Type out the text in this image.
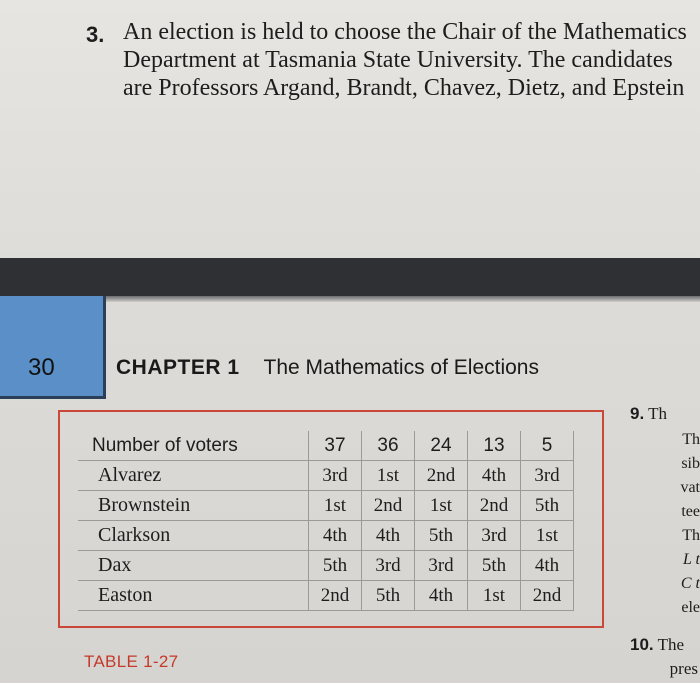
3. An election is held to choose the Chair of the Mathematics
Department at Tasmania State University. The candidates
are Professors Argand, Brandt, Chavez, Dietz, and Epstein
30	CHAPTER 1 The Mathematics of Elections
Number of voters	37	36	24	13	5
Alvarez	3rd	1st	2nd	4th	3rd
Brownstein	1st	2nd	1st	2nd	5th
Clarkson	4th	4th	5th	3rd	1st
Dax	5th	3rd	3rd	5th	4th
Easton	2nd	5th	4th	1st	2nd
TABLE 1-27
9. Th
Th
sib
vat
tee
Th
L t
C t
ele
10. The
pres
